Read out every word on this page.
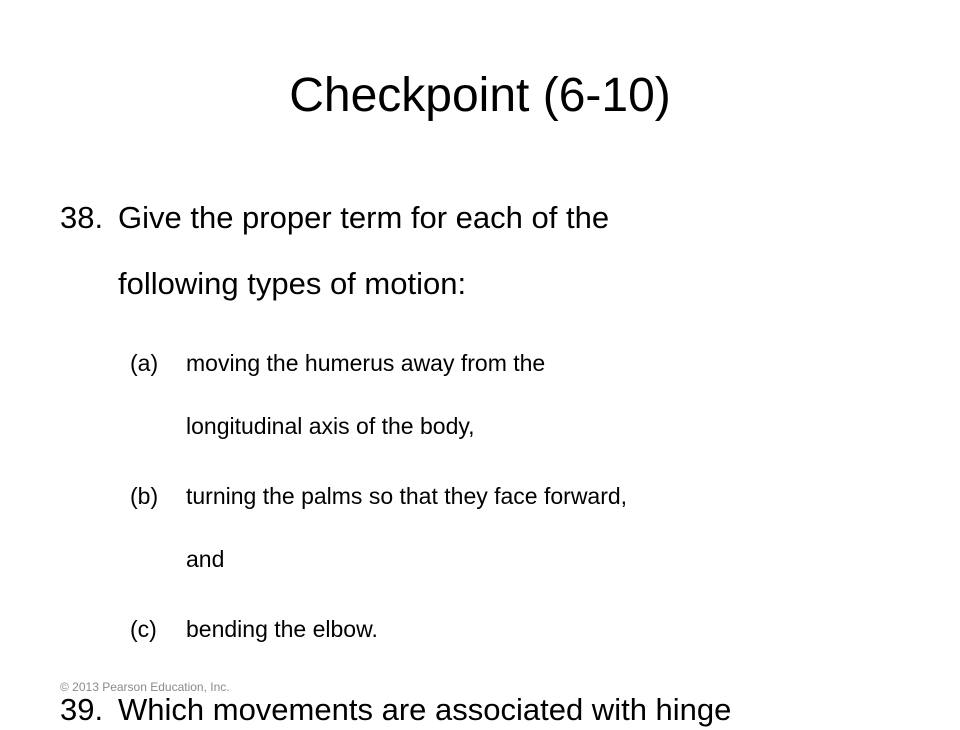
Checkpoint (6-10)
38. Give the proper term for each of the
following types of motion:
(a) moving the humerus away from the
longitudinal axis of the body,
(b) turning the palms so that they face forward,
and
(c) bending the elbow.
39. Which movements are associated with hinge
© 2013 Pearson Education, Inc.
